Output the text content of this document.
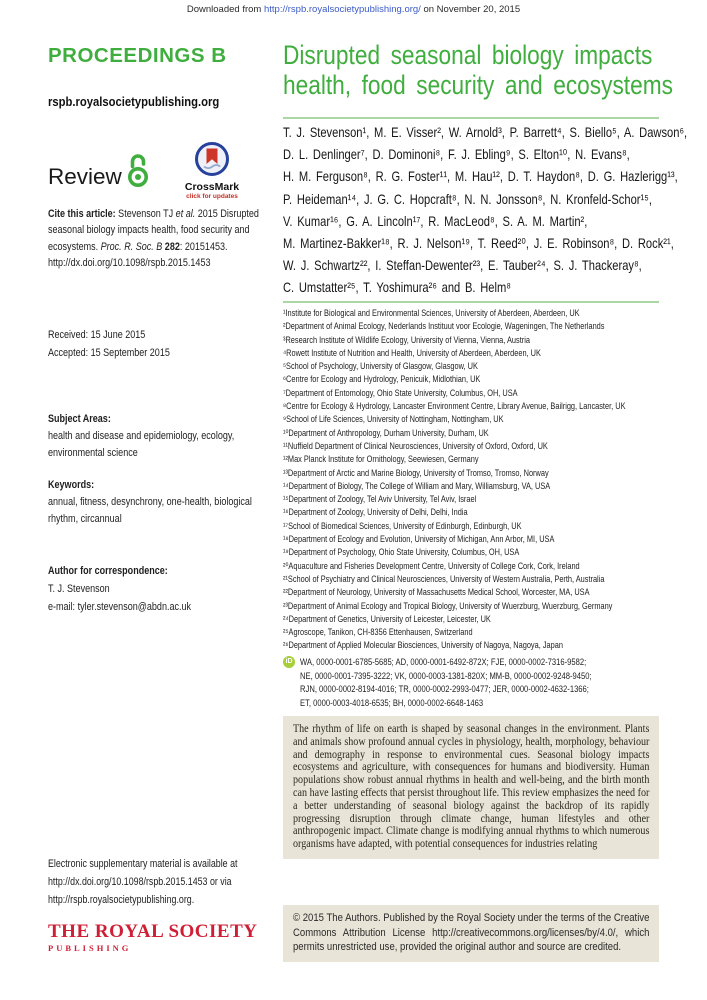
Downloaded from http://rspb.royalsocietypublishing.org/ on November 20, 2015
PROCEEDINGS B
rspb.royalsocietypublishing.org
Review	CrossMark
click for updates
Cite this article: Stevenson TJ et al. 2015 Disrupted seasonal biology impacts health, food security and ecosystems. Proc. R. Soc. B 282: 20151453.
http://dx.doi.org/10.1098/rspb.2015.1453
Received: 15 June 2015
Accepted: 15 September 2015
Subject Areas:
health and disease and epidemiology, ecology, environmental science
Keywords:
annual, fitness, desynchrony, one-health, biological rhythm, circannual
Author for correspondence:
T. J. Stevenson
e-mail: tyler.stevenson@abdn.ac.uk
Electronic supplementary material is available at http://dx.doi.org/10.1098/rspb.2015.1453 or via http://rspb.royalsocietypublishing.org.
THE ROYAL SOCIETY
PUBLISHING
Disrupted seasonal biology impacts health, food security and ecosystems
T. J. Stevenson¹, M. E. Visser², W. Arnold³, P. Barrett⁴, S. Biello⁵, A. Dawson⁶,
D. L. Denlinger⁷, D. Dominoni⁸, F. J. Ebling⁹, S. Elton¹⁰, N. Evans⁸,
H. M. Ferguson⁸, R. G. Foster¹¹, M. Hau¹², D. T. Haydon⁸, D. G. Hazlerigg¹³,
P. Heideman¹⁴, J. G. C. Hopcraft⁸, N. N. Jonsson⁸, N. Kronfeld-Schor¹⁵,
V. Kumar¹⁶, G. A. Lincoln¹⁷, R. MacLeod⁸, S. A. M. Martin²,
M. Martinez-Bakker¹⁸, R. J. Nelson¹⁹, T. Reed²⁰, J. E. Robinson⁸, D. Rock²¹,
W. J. Schwartz²², I. Steffan-Dewenter²³, E. Tauber²⁴, S. J. Thackeray⁸,
C. Umstatter²⁵, T. Yoshimura²⁶ and B. Helm⁸
¹Institute for Biological and Environmental Sciences, University of Aberdeen, Aberdeen, UK
²Department of Animal Ecology, Nederlands Instituut voor Ecologie, Wageningen, The Netherlands
³Research Institute of Wildlife Ecology, University of Vienna, Vienna, Austria
⁴Rowett Institute of Nutrition and Health, University of Aberdeen, Aberdeen, UK
⁵School of Psychology, University of Glasgow, Glasgow, UK
⁶Centre for Ecology and Hydrology, Penicuik, Midlothian, UK
⁷Department of Entomology, Ohio State University, Columbus, OH, USA
⁸Centre for Ecology & Hydrology, Lancaster Environment Centre, Library Avenue, Bailrigg, Lancaster, UK
⁹School of Life Sciences, University of Nottingham, Nottingham, UK
¹⁰Department of Anthropology, Durham University, Durham, UK
¹¹Nuffield Department of Clinical Neurosciences, University of Oxford, Oxford, UK
¹²Max Planck Institute for Ornithology, Seewiesen, Germany
¹³Department of Arctic and Marine Biology, University of Tromso, Tromso, Norway
¹⁴Department of Biology, The College of William and Mary, Williamsburg, VA, USA
¹⁵Department of Zoology, Tel Aviv University, Tel Aviv, Israel
¹⁶Department of Zoology, University of Delhi, Delhi, India
¹⁷School of Biomedical Sciences, University of Edinburgh, Edinburgh, UK
¹⁸Department of Ecology and Evolution, University of Michigan, Ann Arbor, MI, USA
¹⁹Department of Psychology, Ohio State University, Columbus, OH, USA
²⁰Aquaculture and Fisheries Development Centre, University of College Cork, Cork, Ireland
²¹School of Psychiatry and Clinical Neurosciences, University of Western Australia, Perth, Australia
²²Department of Neurology, University of Massachusetts Medical School, Worcester, MA, USA
²³Department of Animal Ecology and Tropical Biology, University of Wuerzburg, Wuerzburg, Germany
²⁴Department of Genetics, University of Leicester, Leicester, UK
²⁵Agroscope, Tanikon, CH-8356 Ettenhausen, Switzerland
²⁶Department of Applied Molecular Biosciences, University of Nagoya, Nagoya, Japan
iD WA, 0000-0001-6785-5685; AD, 0000-0001-6492-872X; FJE, 0000-0002-7316-9582;
NE, 0000-0001-7395-3222; VK, 0000-0003-1381-820X; MM-B, 0000-0002-9248-9450;
RJN, 0000-0002-8194-4016; TR, 0000-0002-2993-0477; JER, 0000-0002-4632-1366;
ET, 0000-0003-4018-6535; BH, 0000-0002-6648-1463
The rhythm of life on earth is shaped by seasonal changes in the environment. Plants and animals show profound annual cycles in physiology, health, morphology, behaviour and demography in response to environmental cues. Seasonal biology impacts ecosystems and agriculture, with consequences for humans and biodiversity. Human populations show robust annual rhythms in health and well-being, and the birth month can have lasting effects that persist throughout life. This review emphasizes the need for a better understanding of seasonal biology against the backdrop of its rapidly progressing disruption through climate change, human lifestyles and other anthropogenic impact. Climate change is modifying annual rhythms to which numerous organisms have adapted, with potential consequences for industries relating
© 2015 The Authors. Published by the Royal Society under the terms of the Creative Commons Attribution License http://creativecommons.org/licenses/by/4.0/, which permits unrestricted use, provided the original author and source are credited.
